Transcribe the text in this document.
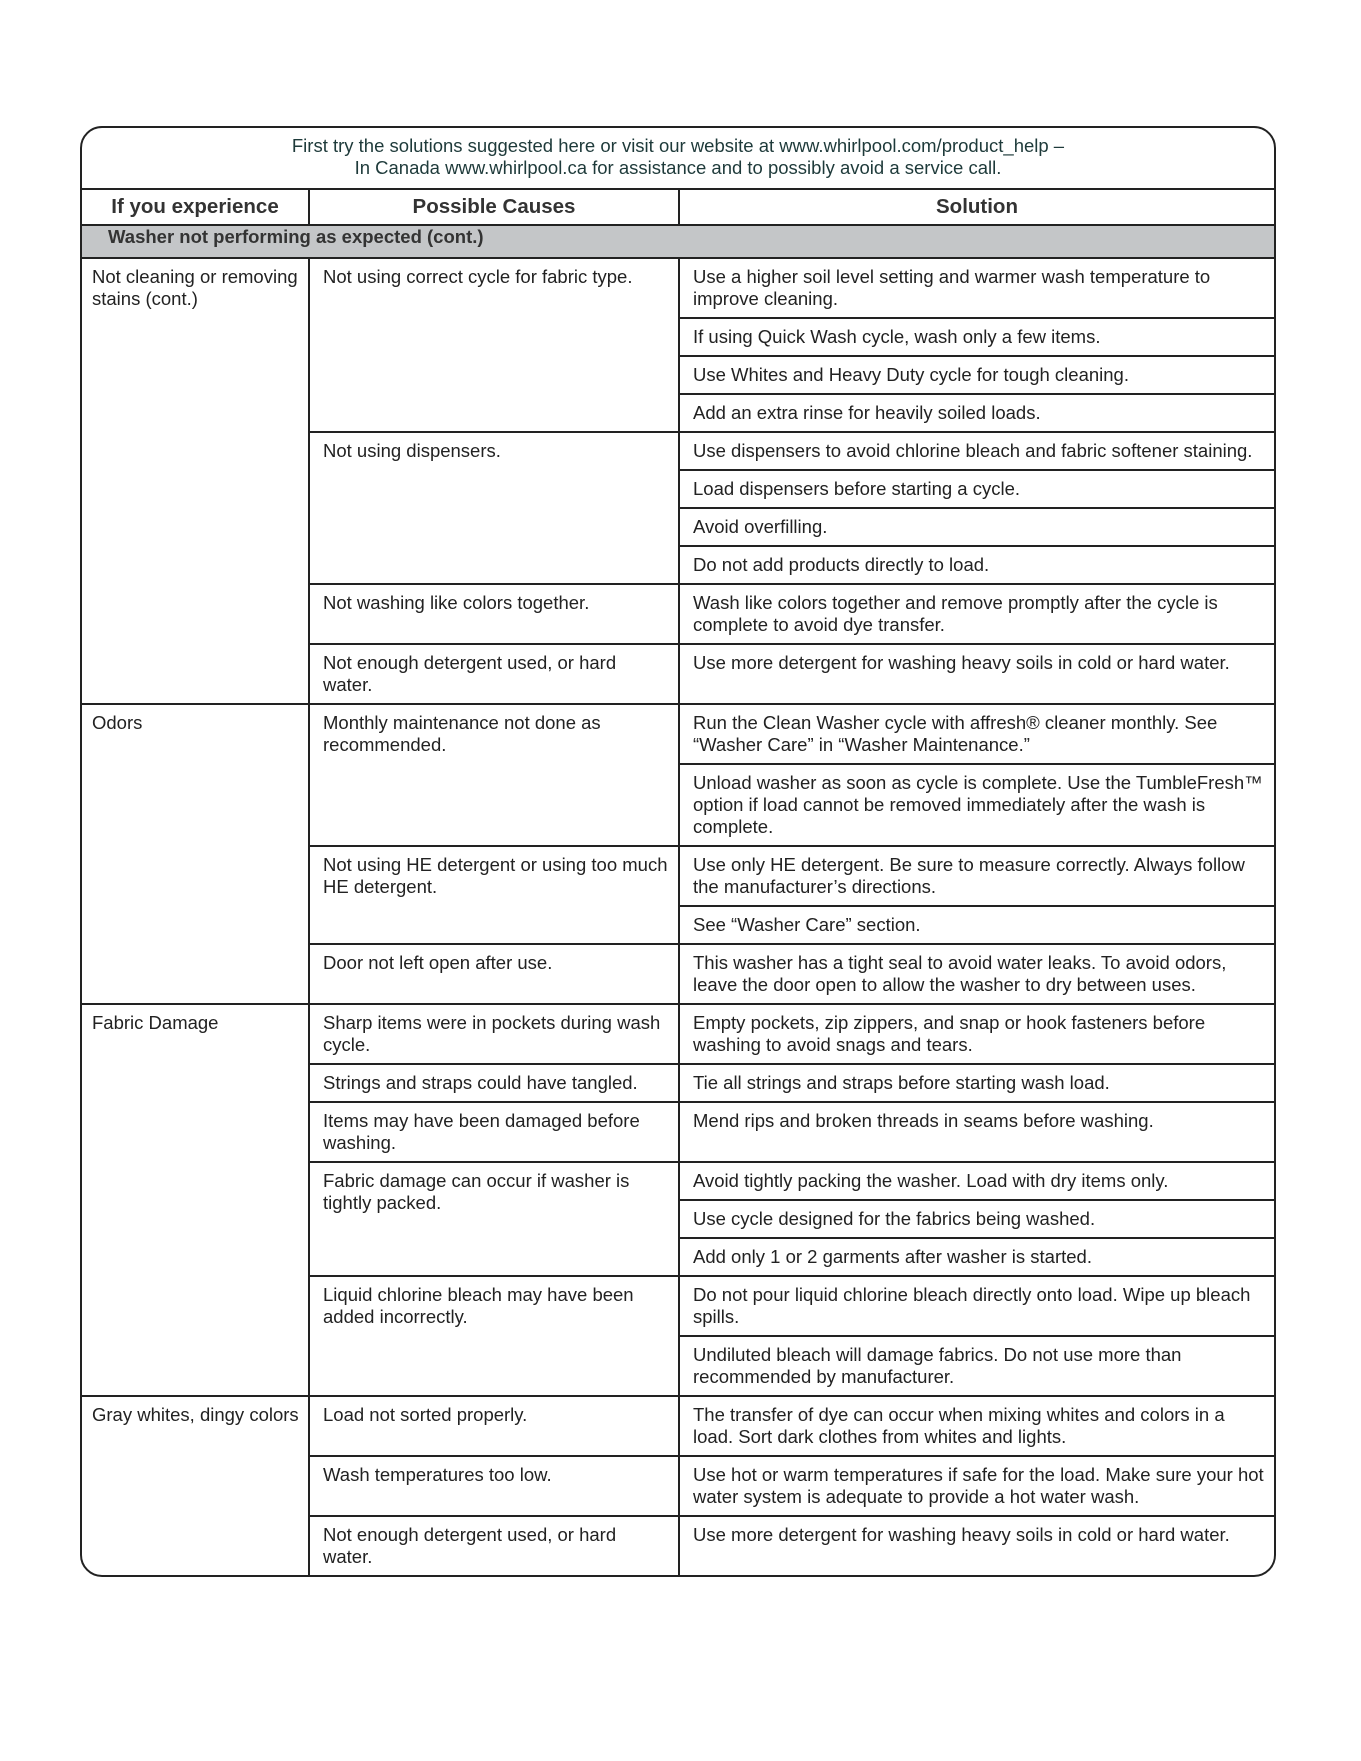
First try the solutions suggested here or visit our website at www.whirlpool.com/product_help –
In Canada www.whirlpool.ca for assistance and to possibly avoid a service call.
If you experience	Possible Causes	Solution
Washer not performing as expected (cont.)		
Not cleaning or removing stains (cont.)	Not using correct cycle for fabric type.	Use a higher soil level setting and warmer wash temperature to improve cleaning.
		If using Quick Wash cycle, wash only a few items.
		Use Whites and Heavy Duty cycle for tough cleaning.
		Add an extra rinse for heavily soiled loads.
	Not using dispensers.	Use dispensers to avoid chlorine bleach and fabric softener staining.
		Load dispensers before starting a cycle.
		Avoid overfilling.
		Do not add products directly to load.
	Not washing like colors together.	Wash like colors together and remove promptly after the cycle is complete to avoid dye transfer.
	Not enough detergent used, or hard water.	Use more detergent for washing heavy soils in cold or hard water.
Odors	Monthly maintenance not done as recommended.	Run the Clean Washer cycle with affresh® cleaner monthly. See “Washer Care” in “Washer Maintenance.”
		Unload washer as soon as cycle is complete. Use the TumbleFresh™ option if load cannot be removed immediately after the wash is complete.
	Not using HE detergent or using too much HE detergent.	Use only HE detergent. Be sure to measure correctly. Always follow the manufacturer’s directions.
		See “Washer Care” section.
	Door not left open after use.	This washer has a tight seal to avoid water leaks. To avoid odors, leave the door open to allow the washer to dry between uses.
Fabric Damage	Sharp items were in pockets during wash cycle.	Empty pockets, zip zippers, and snap or hook fasteners before washing to avoid snags and tears.
	Strings and straps could have tangled.	Tie all strings and straps before starting wash load.
	Items may have been damaged before washing.	Mend rips and broken threads in seams before washing.
	Fabric damage can occur if washer is tightly packed.	Avoid tightly packing the washer. Load with dry items only.
		Use cycle designed for the fabrics being washed.
		Add only 1 or 2 garments after washer is started.
	Liquid chlorine bleach may have been added incorrectly.	Do not pour liquid chlorine bleach directly onto load. Wipe up bleach spills.
		Undiluted bleach will damage fabrics. Do not use more than recommended by manufacturer.
Gray whites, dingy colors	Load not sorted properly.	The transfer of dye can occur when mixing whites and colors in a load. Sort dark clothes from whites and lights.
	Wash temperatures too low.	Use hot or warm temperatures if safe for the load. Make sure your hot water system is adequate to provide a hot water wash.
	Not enough detergent used, or hard water.	Use more detergent for washing heavy soils in cold or hard water.
